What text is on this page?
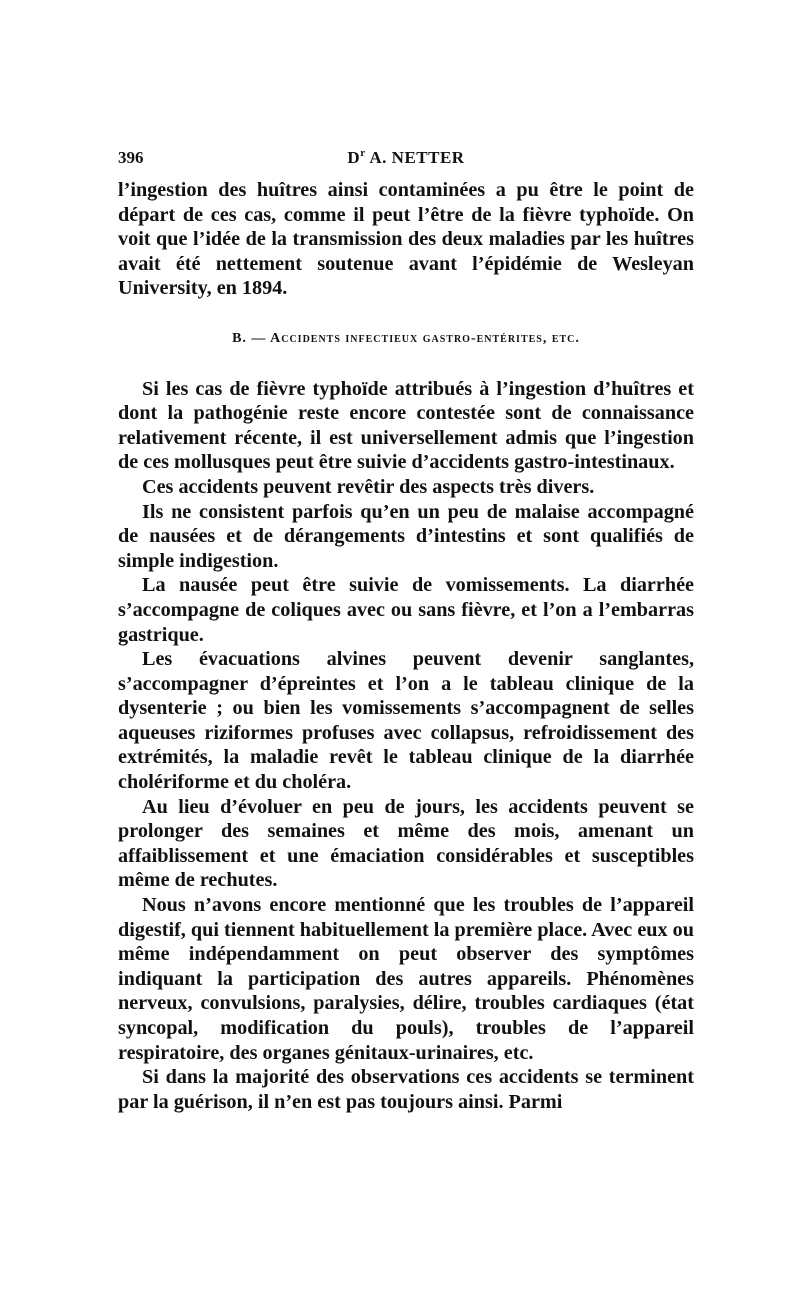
396	$D^r$ A. NETTER

l’ingestion des huîtres ainsi contaminées a pu être le point de départ de ces cas, comme il peut l’être de la fièvre typhoïde. On voit que l’idée de la transmission des deux maladies par les huîtres avait été nettement soutenue avant l’épidémie de Wesleyan University, en 1894.

B. — Accidents infectieux gastro-entérites, etc.

Si les cas de fièvre typhoïde attribués à l’ingestion d’huîtres et dont la pathogénie reste encore contestée sont de connaissance relativement récente, il est universellement admis que l’ingestion de ces mollusques peut être suivie d’accidents gastro-intestinaux.

Ces accidents peuvent revêtir des aspects très divers.

Ils ne consistent parfois qu’en un peu de malaise accompagné de nausées et de dérangements d’intestins et sont qualifiés de simple indigestion.

La nausée peut être suivie de vomissements. La diarrhée s’accompagne de coliques avec ou sans fièvre, et l’on a l’embarras gastrique.

Les évacuations alvines peuvent devenir sanglantes, s’accompagner d’épreintes et l’on a le tableau clinique de la dysenterie ; ou bien les vomissements s’accompagnent de selles aqueuses riziformes profuses avec collapsus, refroidissement des extrémités, la maladie revêt le tableau clinique de la diarrhée cholériforme et du choléra.

Au lieu d’évoluer en peu de jours, les accidents peuvent se prolonger des semaines et même des mois, amenant un affaiblissement et une émaciation considérables et susceptibles même de rechutes.

Nous n’avons encore mentionné que les troubles de l’appareil digestif, qui tiennent habituellement la première place. Avec eux ou même indépendamment on peut observer des symptômes indiquant la participation des autres appareils. Phénomènes nerveux, convulsions, paralysies, délire, troubles cardiaques (état syncopal, modification du pouls), troubles de l’appareil respiratoire, des organes génitaux-urinaires, etc.

Si dans la majorité des observations ces accidents se terminent par la guérison, il n’en est pas toujours ainsi. Parmi
